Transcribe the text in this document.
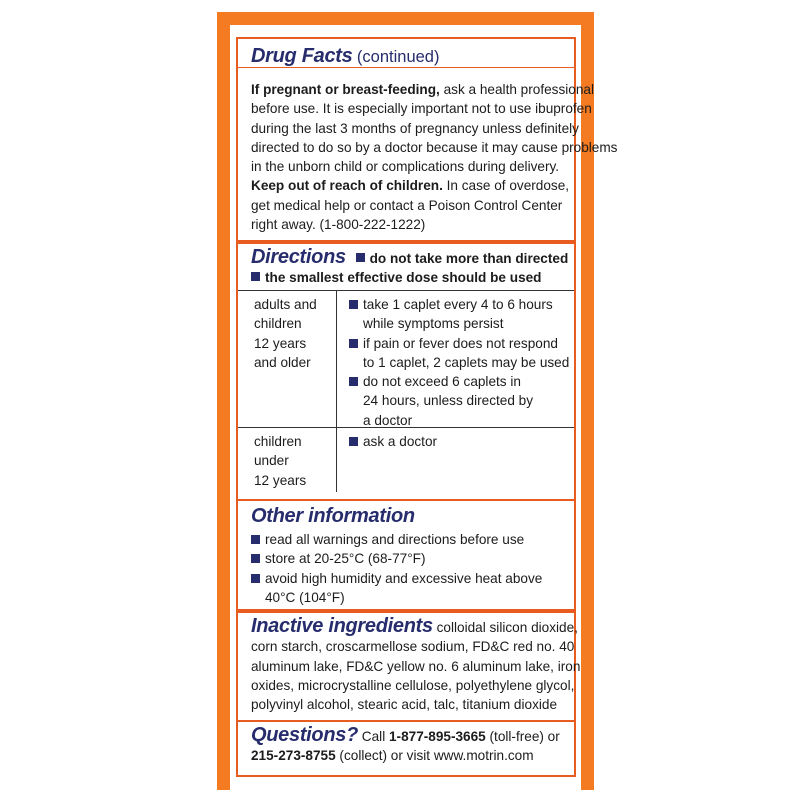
Drug Facts (continued)
If pregnant or breast-feeding, ask a health professional
before use. It is especially important not to use ibuprofen
during the last 3 months of pregnancy unless definitely
directed to do so by a doctor because it may cause problems
in the unborn child or complications during delivery.
Keep out of reach of children. In case of overdose,
get medical help or contact a Poison Control Center
right away. (1-800-222-1222)
Directions do not take more than directed
the smallest effective dose should be used
adults and
children
12 years
and older
take 1 caplet every 4 to 6 hours
while symptoms persist
if pain or fever does not respond
to 1 caplet, 2 caplets may be used
do not exceed 6 caplets in
24 hours, unless directed by
a doctor
children
under
12 years
ask a doctor
Other information
read all warnings and directions before use
store at 20-25°C (68-77°F)
avoid high humidity and excessive heat above
40°C (104°F)
Inactive ingredients colloidal silicon dioxide,
corn starch, croscarmellose sodium, FD&C red no. 40
aluminum lake, FD&C yellow no. 6 aluminum lake, iron
oxides, microcrystalline cellulose, polyethylene glycol,
polyvinyl alcohol, stearic acid, talc, titanium dioxide
Questions? Call 1-877-895-3665 (toll-free) or
215-273-8755 (collect) or visit www.motrin.com
